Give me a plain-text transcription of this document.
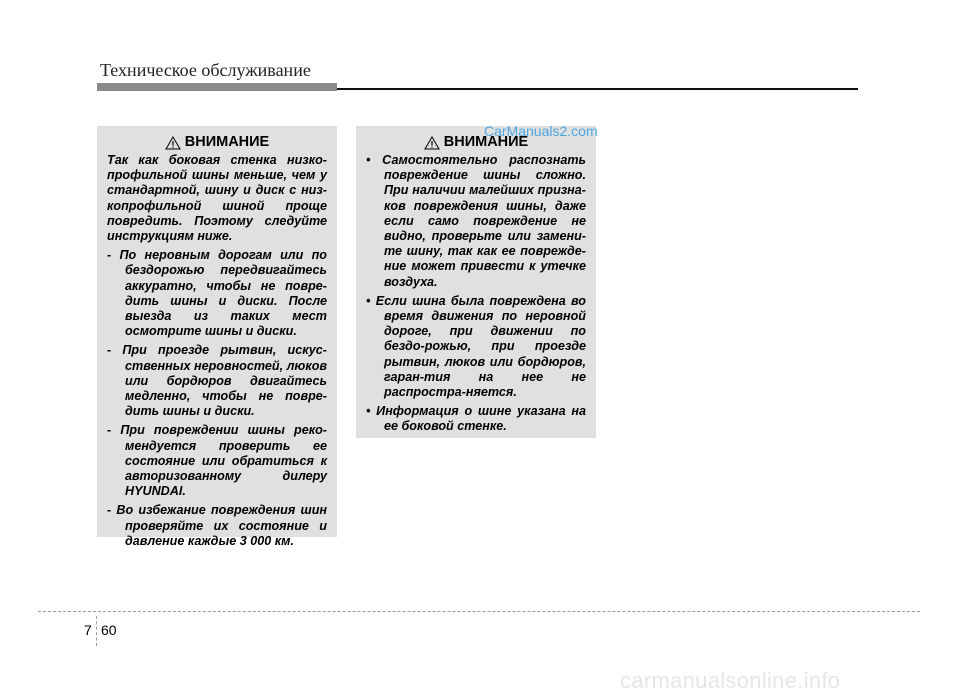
Техническое обслуживание
ВНИМАНИЕ
Так как боковая стенка низко-профильной шины меньше, чем у стандартной, шину и диск с низ-копрофильной шиной проще повредить. Поэтому следуйте инструкциям ниже.
- По неровным дорогам или по бездорожью передвигайтесь аккуратно, чтобы не повре-дить шины и диски. После выезда из таких мест осмотрите шины и диски.
- При проезде рытвин, искус-ственных неровностей, люков или бордюров двигайтесь медленно, чтобы не повре-дить шины и диски.
- При повреждении шины реко-мендуется проверить ее состояние или обратиться к авторизованному дилеру HYUNDAI.
- Во избежание повреждения шин проверяйте их состояние и давление каждые 3 000 км.
ВНИМАНИЕ
• Самостоятельно распознать повреждение шины сложно. При наличии малейших призна-ков повреждения шины, даже если само повреждение не видно, проверьте или замени-те шину, так как ее поврежде-ние может привести к утечке воздуха.
• Если шина была повреждена во время движения по неровной дороге, при движении по бездо-рожью, при проезде рытвин, люков или бордюров, гаран-тия на нее не распростра-няется.
• Информация о шине указана на ее боковой стенке.
CarManuals2.com
7 60
carmanualsonline.info
